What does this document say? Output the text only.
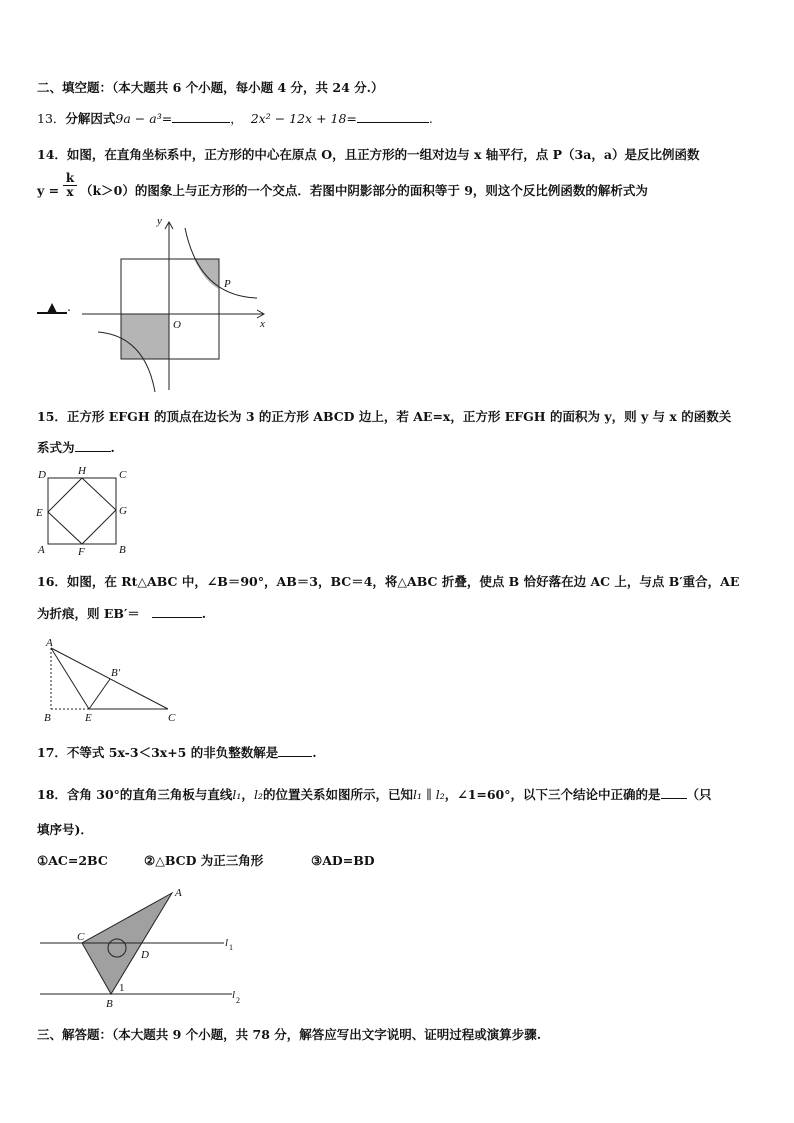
二、填空题：（本大题共 6 个小题，每小题 4 分，共 24 分.）
13．分解因式9a − a³=	， 2x² − 12x + 18=	.
14．如图，在直角坐标系中，正方形的中心在原点 O，且正方形的一组对边与 x 轴平行，点 P（3a，a）是反比例函数
$y = \frac{k}{x} (k>0)$的图象上与正方形的一个交点．若图中阴影部分的面积等于 9，则这个反比例函数的解析式为
▲ .
y
x
O
P
15．正方形 EFGH 的顶点在边长为 3 的正方形 ABCD 边上，若 AE=x，正方形 EFGH 的面积为 y，则 y 与 x 的函数关
系式为	.
D	H	C
E	G
A	F	B
16．如图，在 Rt△ABC 中，∠B＝90°，AB＝3，BC＝4，将△ABC 折叠，使点 B 恰好落在边 AC 上，与点 B′重合，AE
为折痕，则 EB′＝	.
A
B′
B	E	C
17．不等式 5x-3＜3x+5 的非负整数解是	.
18．含角 30°的直角三角板与直线l₁，l₂的位置关系如图所示，已知l₁ ∥ l₂，∠1=60°，以下三个结论中正确的是 （只
填序号)．
①AC=2BC	②△BCD 为正三角形	③AD=BD
A
C
D
B
1
l 1
l 2
三、解答题：（本大题共 9 个小题，共 78 分，解答应写出文字说明、证明过程或演算步骤.
